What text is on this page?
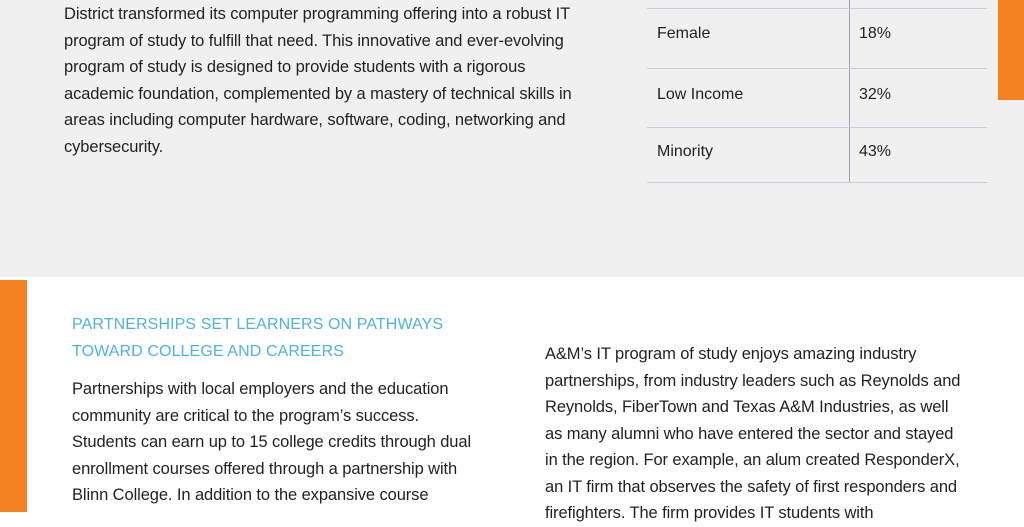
District transformed its computer programming offering into a robust IT
program of study to fulfill that need. This innovative and ever-evolving
program of study is designed to provide students with a rigorous
academic foundation, complemented by a mastery of technical skills in
areas including computer hardware, software, coding, networking and
cybersecurity.

Female	18%
Low Income	32%
Minority	43%
PARTNERSHIPS SET LEARNERS ON PATHWAYS
TOWARD COLLEGE AND CAREERS

Partnerships with local employers and the education
community are critical to the program’s success.
Students can earn up to 15 college credits through dual
enrollment courses offered through a partnership with
Blinn College. In addition to the expansive course

A&M’s IT program of study enjoys amazing industry
partnerships, from industry leaders such as Reynolds and
Reynolds, FiberTown and Texas A&M Industries, as well
as many alumni who have entered the sector and stayed
in the region. For example, an alum created ResponderX,
an IT firm that observes the safety of first responders and
firefighters. The firm provides IT students with
